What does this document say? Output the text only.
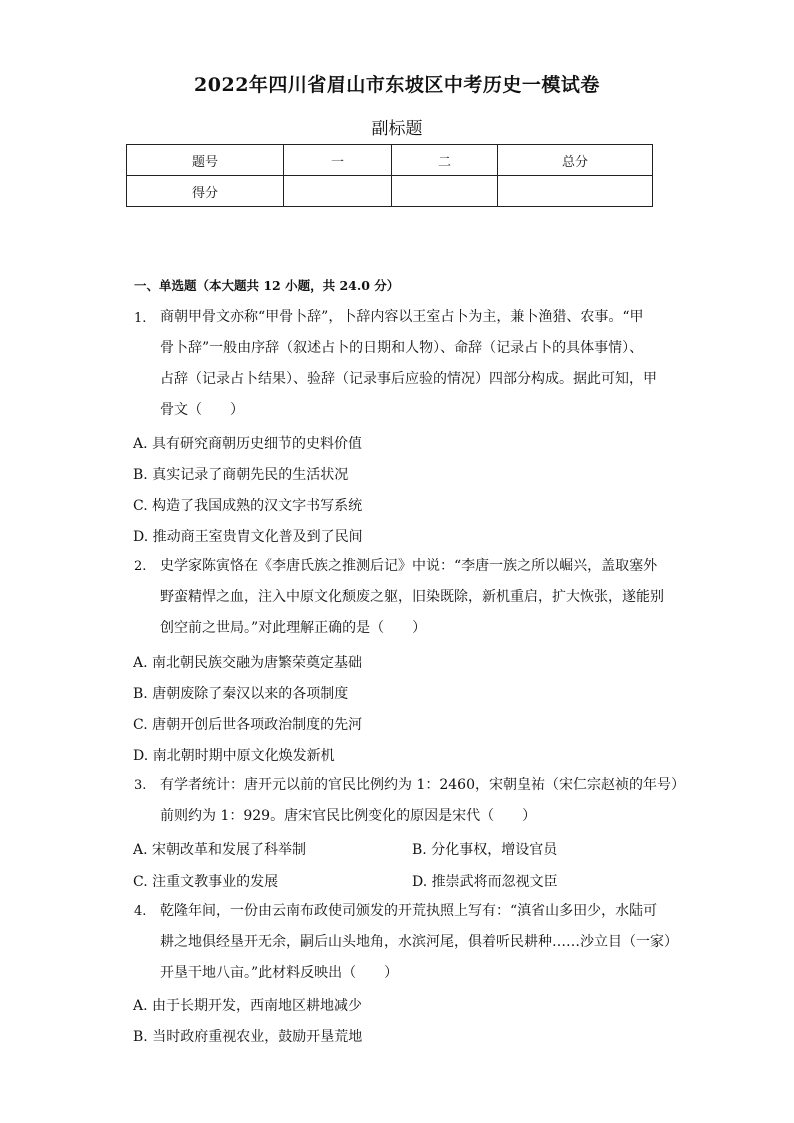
2022年四川省眉山市东坡区中考历史一模试卷
副标题
题号	一	二	总分
得分			
一、单选题（本大题共 12 小题，共 24.0 分）
1. 商朝甲骨文亦称“甲骨卜辞”，卜辞内容以王室占卜为主，兼卜渔猎、农事。“甲
骨卜辞”一般由序辞（叙述占卜的日期和人物）、命辞（记录占卜的具体事情）、
占辞（记录占卜结果）、验辞（记录事后应验的情况）四部分构成。据此可知，甲
骨文（　　）
A. 具有研究商朝历史细节的史料价值
B. 真实记录了商朝先民的生活状况
C. 构造了我国成熟的汉文字书写系统
D. 推动商王室贵胄文化普及到了民间
2. 史学家陈寅恪在《李唐氏族之推测后记》中说：“李唐一族之所以崛兴，盖取塞外
野蛮精悍之血，注入中原文化颓废之躯，旧染既除，新机重启，扩大恢张，遂能别
创空前之世局。”对此理解正确的是（　　）
A. 南北朝民族交融为唐繁荣奠定基础
B. 唐朝废除了秦汉以来的各项制度
C. 唐朝开创后世各项政治制度的先河
D. 南北朝时期中原文化焕发新机
3. 有学者统计：唐开元以前的官民比例约为 1：2460，宋朝皇祐（宋仁宗赵祯的年号）
前则约为 1：929。唐宋官民比例变化的原因是宋代（　　）
A. 宋朝改革和发展了科举制	B. 分化事权，增设官员
C. 注重文教事业的发展	D. 推崇武将而忽视文臣
4. 乾隆年间，一份由云南布政使司颁发的开荒执照上写有：“滇省山多田少，水陆可
耕之地俱经垦开无余，嗣后山头地角，水滨河尾，俱着听民耕种……沙立目（一家）
开垦干地八亩。”此材料反映出（　　）
A. 由于长期开发，西南地区耕地减少
B. 当时政府重视农业，鼓励开垦荒地
